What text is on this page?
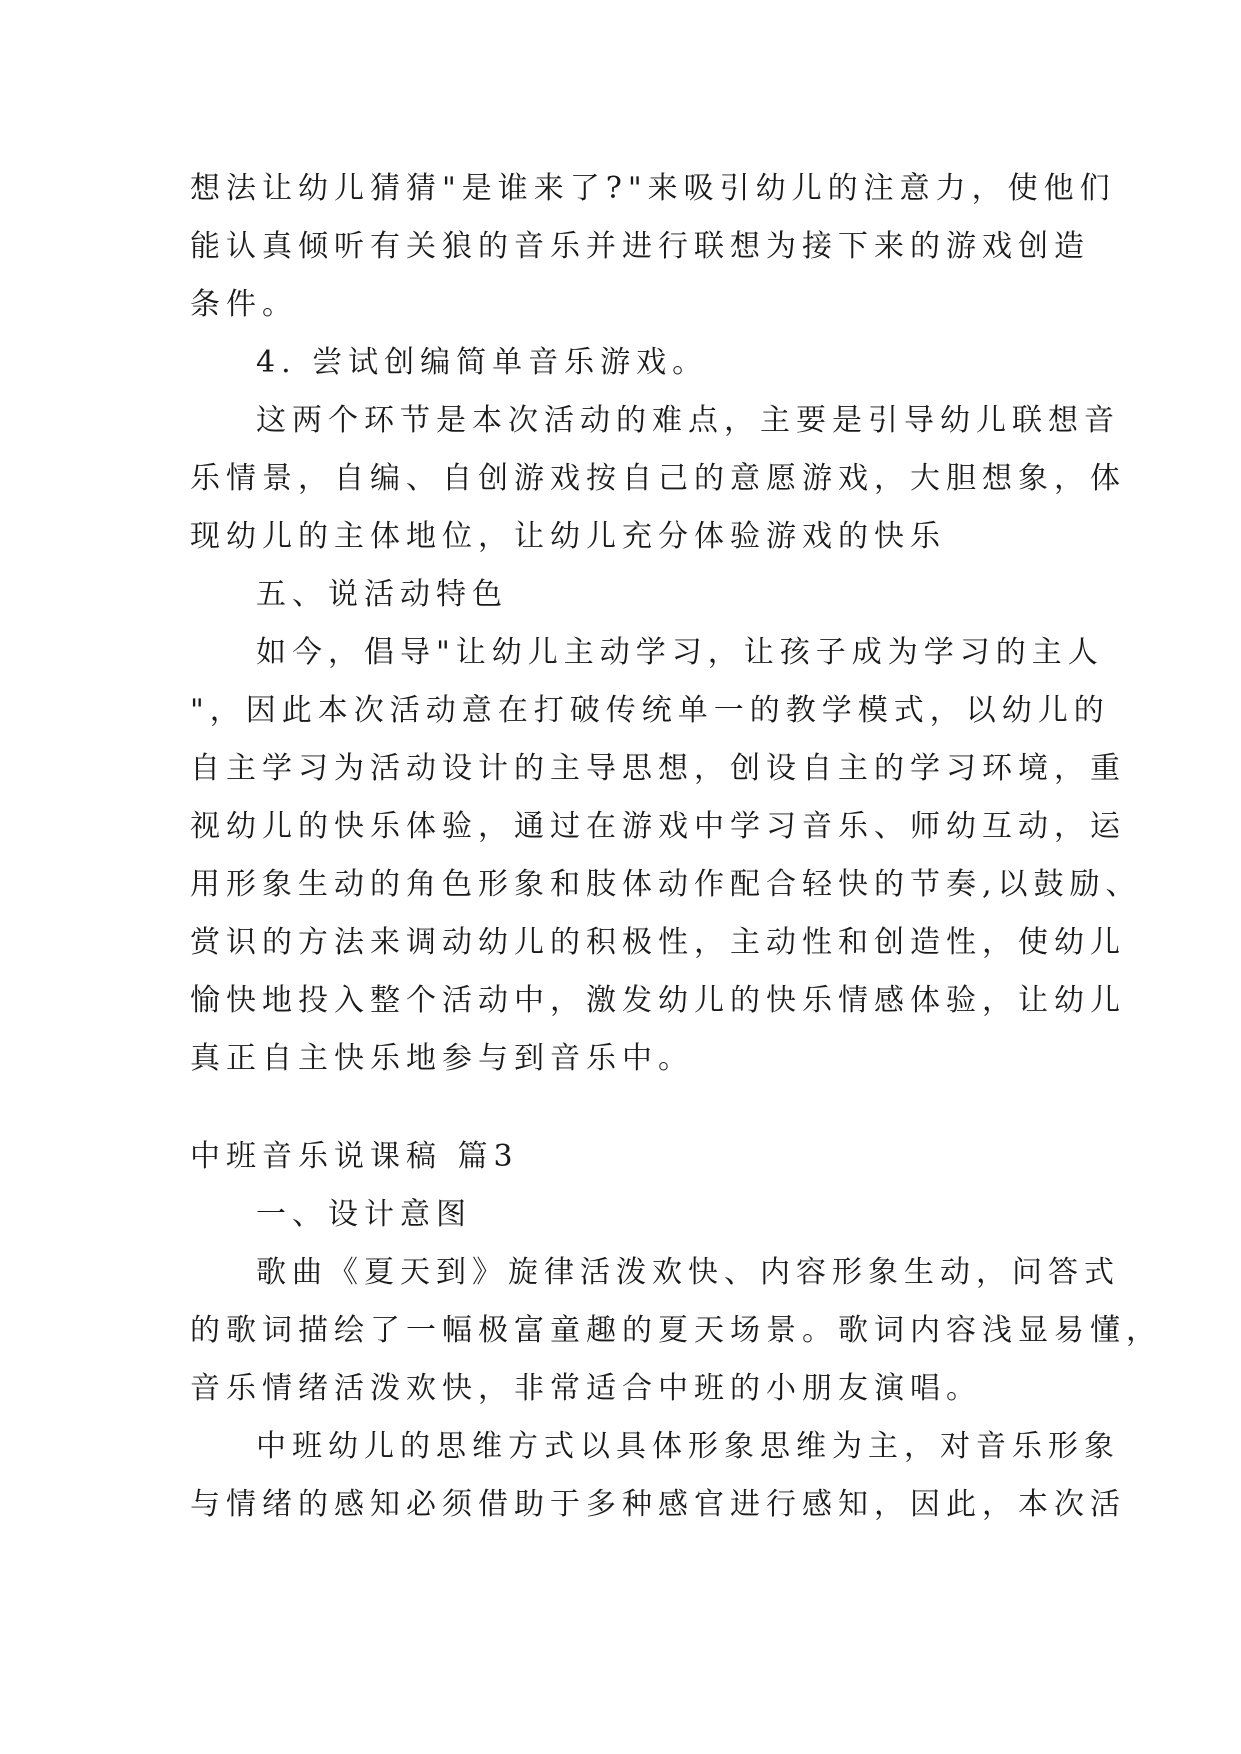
想法让幼儿猜猜"是谁来了?"来吸引幼儿的注意力，使他们

能认真倾听有关狼的音乐并进行联想为接下来的游戏创造

条件。

4. 尝试创编简单音乐游戏。

这两个环节是本次活动的难点，主要是引导幼儿联想音

乐情景，自编、自创游戏按自己的意愿游戏，大胆想象，体

现幼儿的主体地位，让幼儿充分体验游戏的快乐

五、说活动特色

如今，倡导"让幼儿主动学习，让孩子成为学习的主人

"，因此本次活动意在打破传统单一的教学模式，以幼儿的

自主学习为活动设计的主导思想，创设自主的学习环境，重

视幼儿的快乐体验，通过在游戏中学习音乐、师幼互动，运

用形象生动的角色形象和肢体动作配合轻快的节奏,以鼓励、

赏识的方法来调动幼儿的积极性，主动性和创造性，使幼儿

愉快地投入整个活动中，激发幼儿的快乐情感体验，让幼儿

真正自主快乐地参与到音乐中。

中班音乐说课稿 篇3

一、设计意图

歌曲《夏天到》旋律活泼欢快、内容形象生动，问答式

的歌词描绘了一幅极富童趣的夏天场景。歌词内容浅显易懂，

音乐情绪活泼欢快，非常适合中班的小朋友演唱。

中班幼儿的思维方式以具体形象思维为主，对音乐形象

与情绪的感知必须借助于多种感官进行感知，因此，本次活
